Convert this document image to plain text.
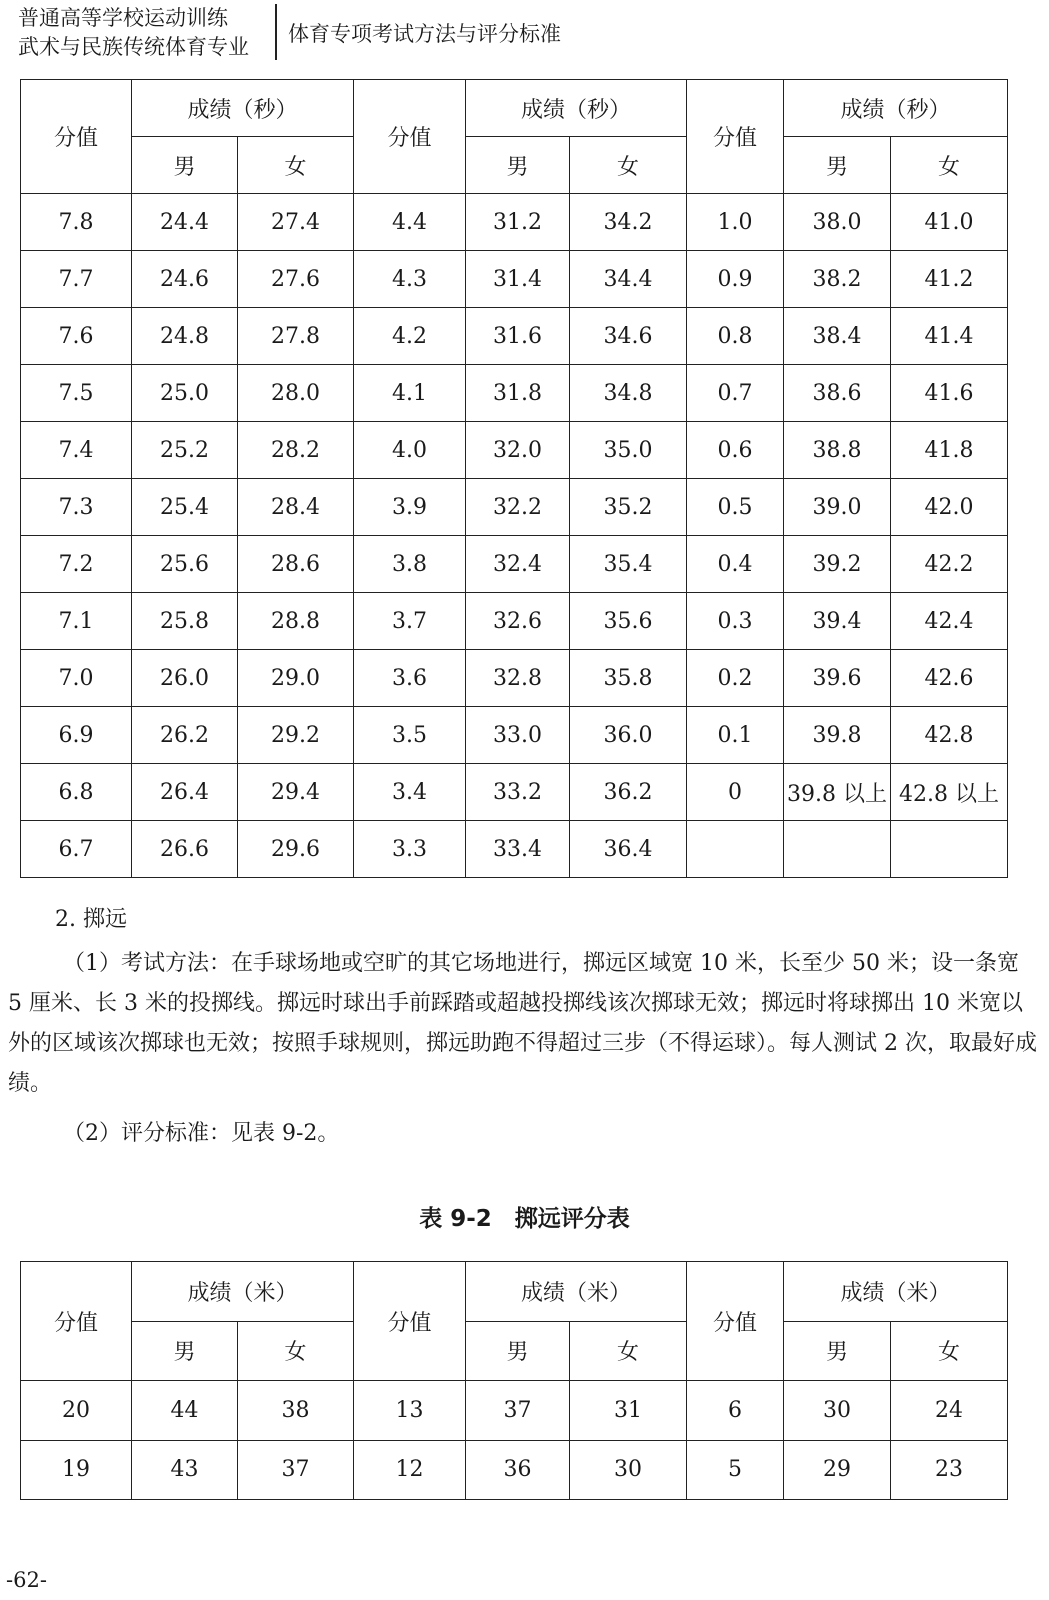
普通高等学校运动训练
武术与民族传统体育专业
体育专项考试方法与评分标准
分值	成绩（秒）		分值	成绩（秒）		分值	成绩（秒）	
	男	女		男	女		男	女
7.8	24.4	27.4	4.4	31.2	34.2	1.0	38.0	41.0
7.7	24.6	27.6	4.3	31.4	34.4	0.9	38.2	41.2
7.6	24.8	27.8	4.2	31.6	34.6	0.8	38.4	41.4
7.5	25.0	28.0	4.1	31.8	34.8	0.7	38.6	41.6
7.4	25.2	28.2	4.0	32.0	35.0	0.6	38.8	41.8
7.3	25.4	28.4	3.9	32.2	35.2	0.5	39.0	42.0
7.2	25.6	28.6	3.8	32.4	35.4	0.4	39.2	42.2
7.1	25.8	28.8	3.7	32.6	35.6	0.3	39.4	42.4
7.0	26.0	29.0	3.6	32.8	35.8	0.2	39.6	42.6
6.9	26.2	29.2	3.5	33.0	36.0	0.1	39.8	42.8
6.8	26.4	29.4	3.4	33.2	36.2	0	39.8 以上	42.8 以上
6.7	26.6	29.6	3.3	33.4	36.4			
2. 掷远
（1）考试方法：在手球场地或空旷的其它场地进行，掷远区域宽 10 米，长至少 50 米；设一条宽 5 厘米、长 3 米的投掷线。掷远时球出手前踩踏或超越投掷线该次掷球无效；掷远时将球掷出 10 米宽以外的区域该次掷球也无效；按照手球规则，掷远助跑不得超过三步（不得运球）。每人测试 2 次，取最好成绩。
（2）评分标准：见表 9-2。
表 9-2　掷远评分表
分值	成绩（米）		分值	成绩（米）		分值	成绩（米）	
	男	女		男	女		男	女
20	44	38	13	37	31	6	30	24
19	43	37	12	36	30	5	29	23
-62-
